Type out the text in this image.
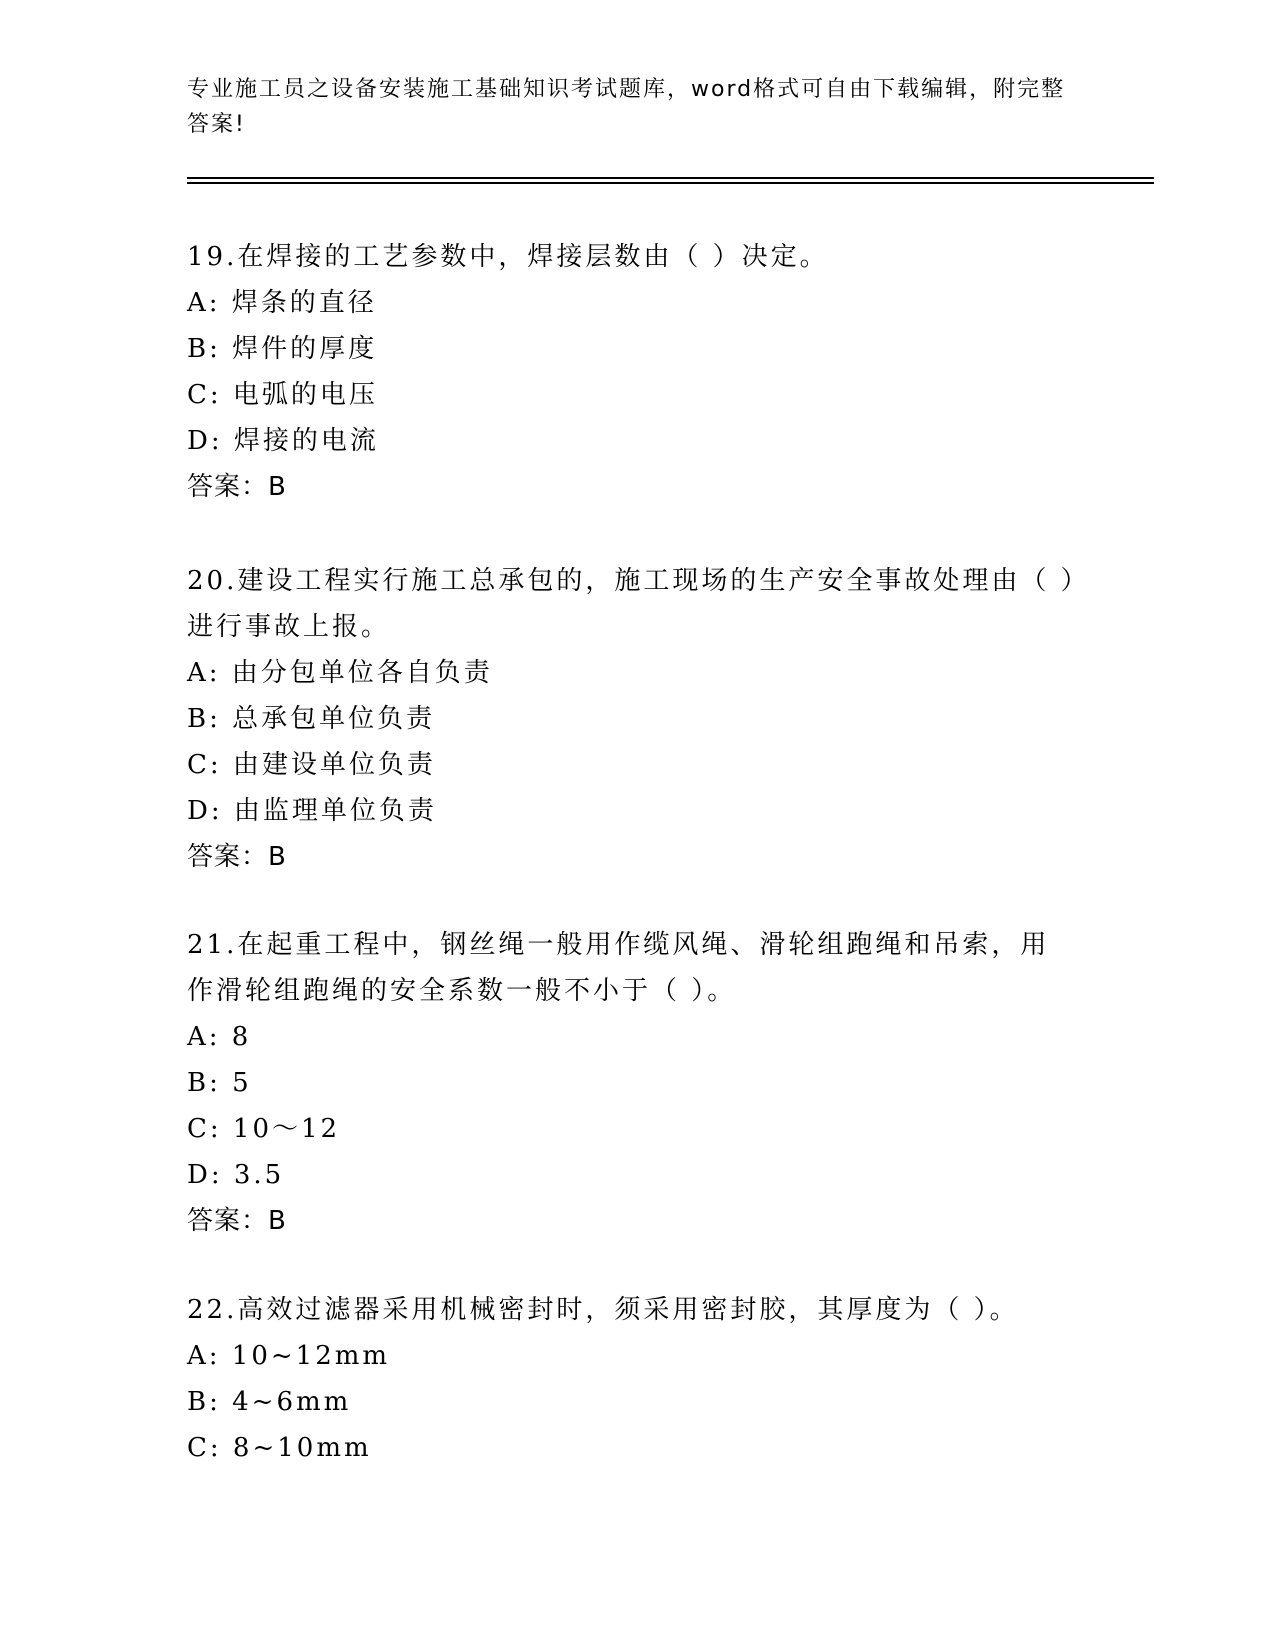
专业施工员之设备安装施工基础知识考试题库，word格式可自由下载编辑，附完整答案!

19.在焊接的工艺参数中，焊接层数由（ ）决定。

A: 焊条的直径

B: 焊件的厚度

C: 电弧的电压

D: 焊接的电流

答案：B

20.建设工程实行施工总承包的，施工现场的生产安全事故处理由（ ）进行事故上报。

A: 由分包单位各自负责

B: 总承包单位负责

C: 由建设单位负责

D: 由监理单位负责

答案：B

21.在起重工程中，钢丝绳一般用作缆风绳、滑轮组跑绳和吊索，用作滑轮组跑绳的安全系数一般不小于（ ）。

A: 8

B: 5

C: 10～12

D: 3.5

答案：B

22.高效过滤器采用机械密封时，须采用密封胶，其厚度为（ ）。

A: 10~12mm

B: 4~6mm

C: 8~10mm
